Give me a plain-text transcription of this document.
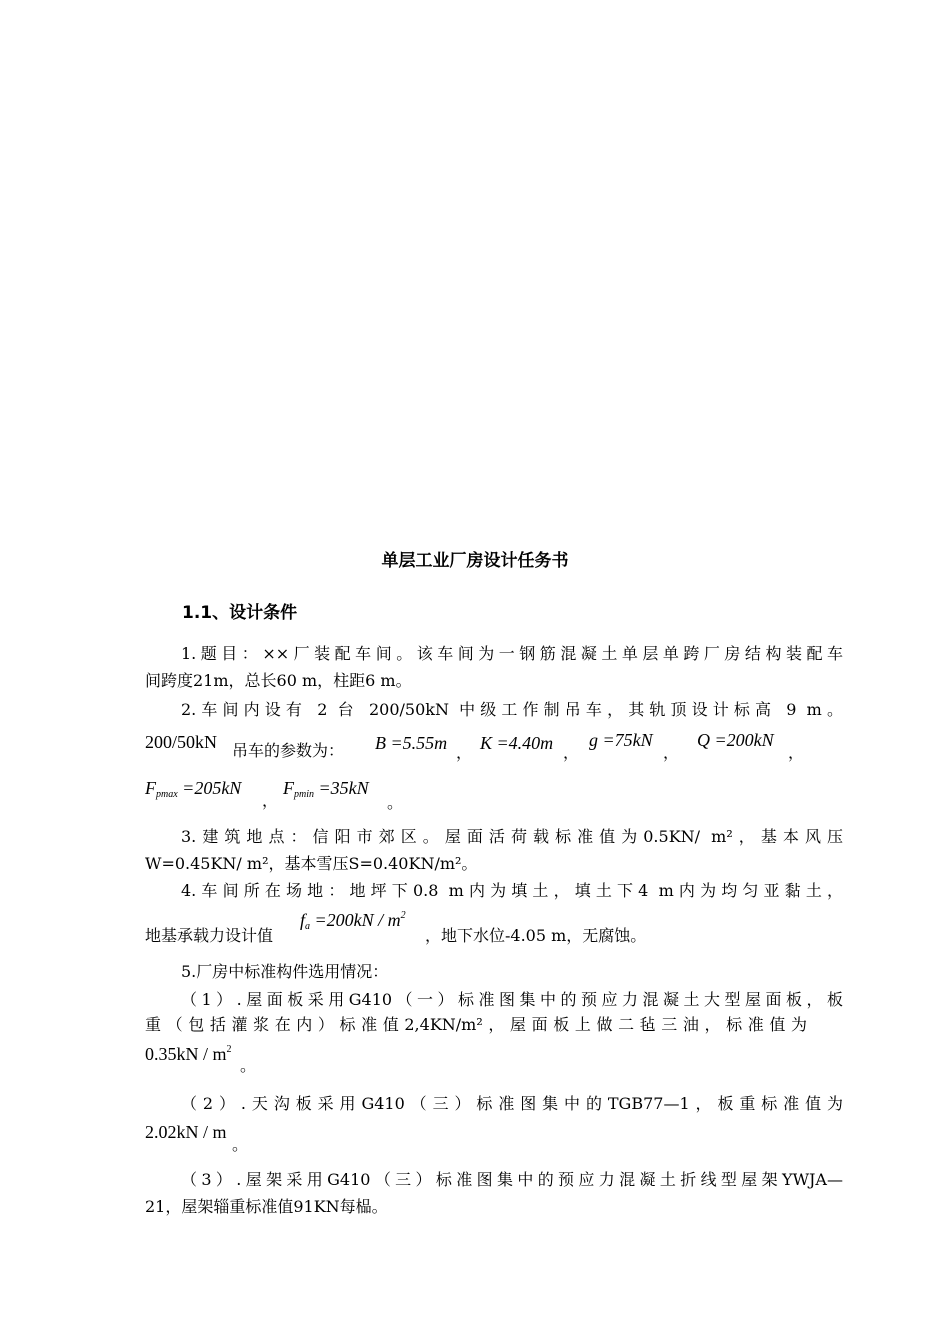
单层工业厂房设计任务书
1.1、设计条件
1.题目：××厂装配车间。该车间为一钢筋混凝土单层单跨厂房结构装配车
间跨度21m，总长60 m，柱距6 m。
2.车间内设有 2 台 200/50kN 中级工作制吊车，其轨顶设计标高 9 m。
200/50kN 吊车的参数为： B =5.55m ， K =4.40m ，
g =75kN
，
Q =200kN
，
$F_{pmax} =205kN$
，
$F_{pmin} =35kN$
。
3.建筑地点：信阳市郊区。屋面活荷载标准值为0.5KN/ m²，基本风压
W=0.45KN/ m²，基本雪压S=0.40KN/m²。
4.车间所在场地：地坪下0.8 m内为填土，填土下4 m内为均匀亚黏土，
地基承载力设计值
$f_a =200kN / m^2$
，地下水位-4.05 m，无腐蚀。
5.厂房中标准构件选用情况：
（1）.屋面板采用G410（一）标准图集中的预应力混凝土大型屋面板，板
重（包括灌浆在内）标准值2,4KN/m²，屋面板上做二毡三油，标准值为
$0.35kN / m^2$
。
（2）.天沟板采用G410（三）标准图集中的TGB77—1，板重标准值为
2.02kN / m
。
（3）.屋架采用G410（三）标准图集中的预应力混凝土折线型屋架YWJA—
21，屋架辎重标准值91KN每榀。
